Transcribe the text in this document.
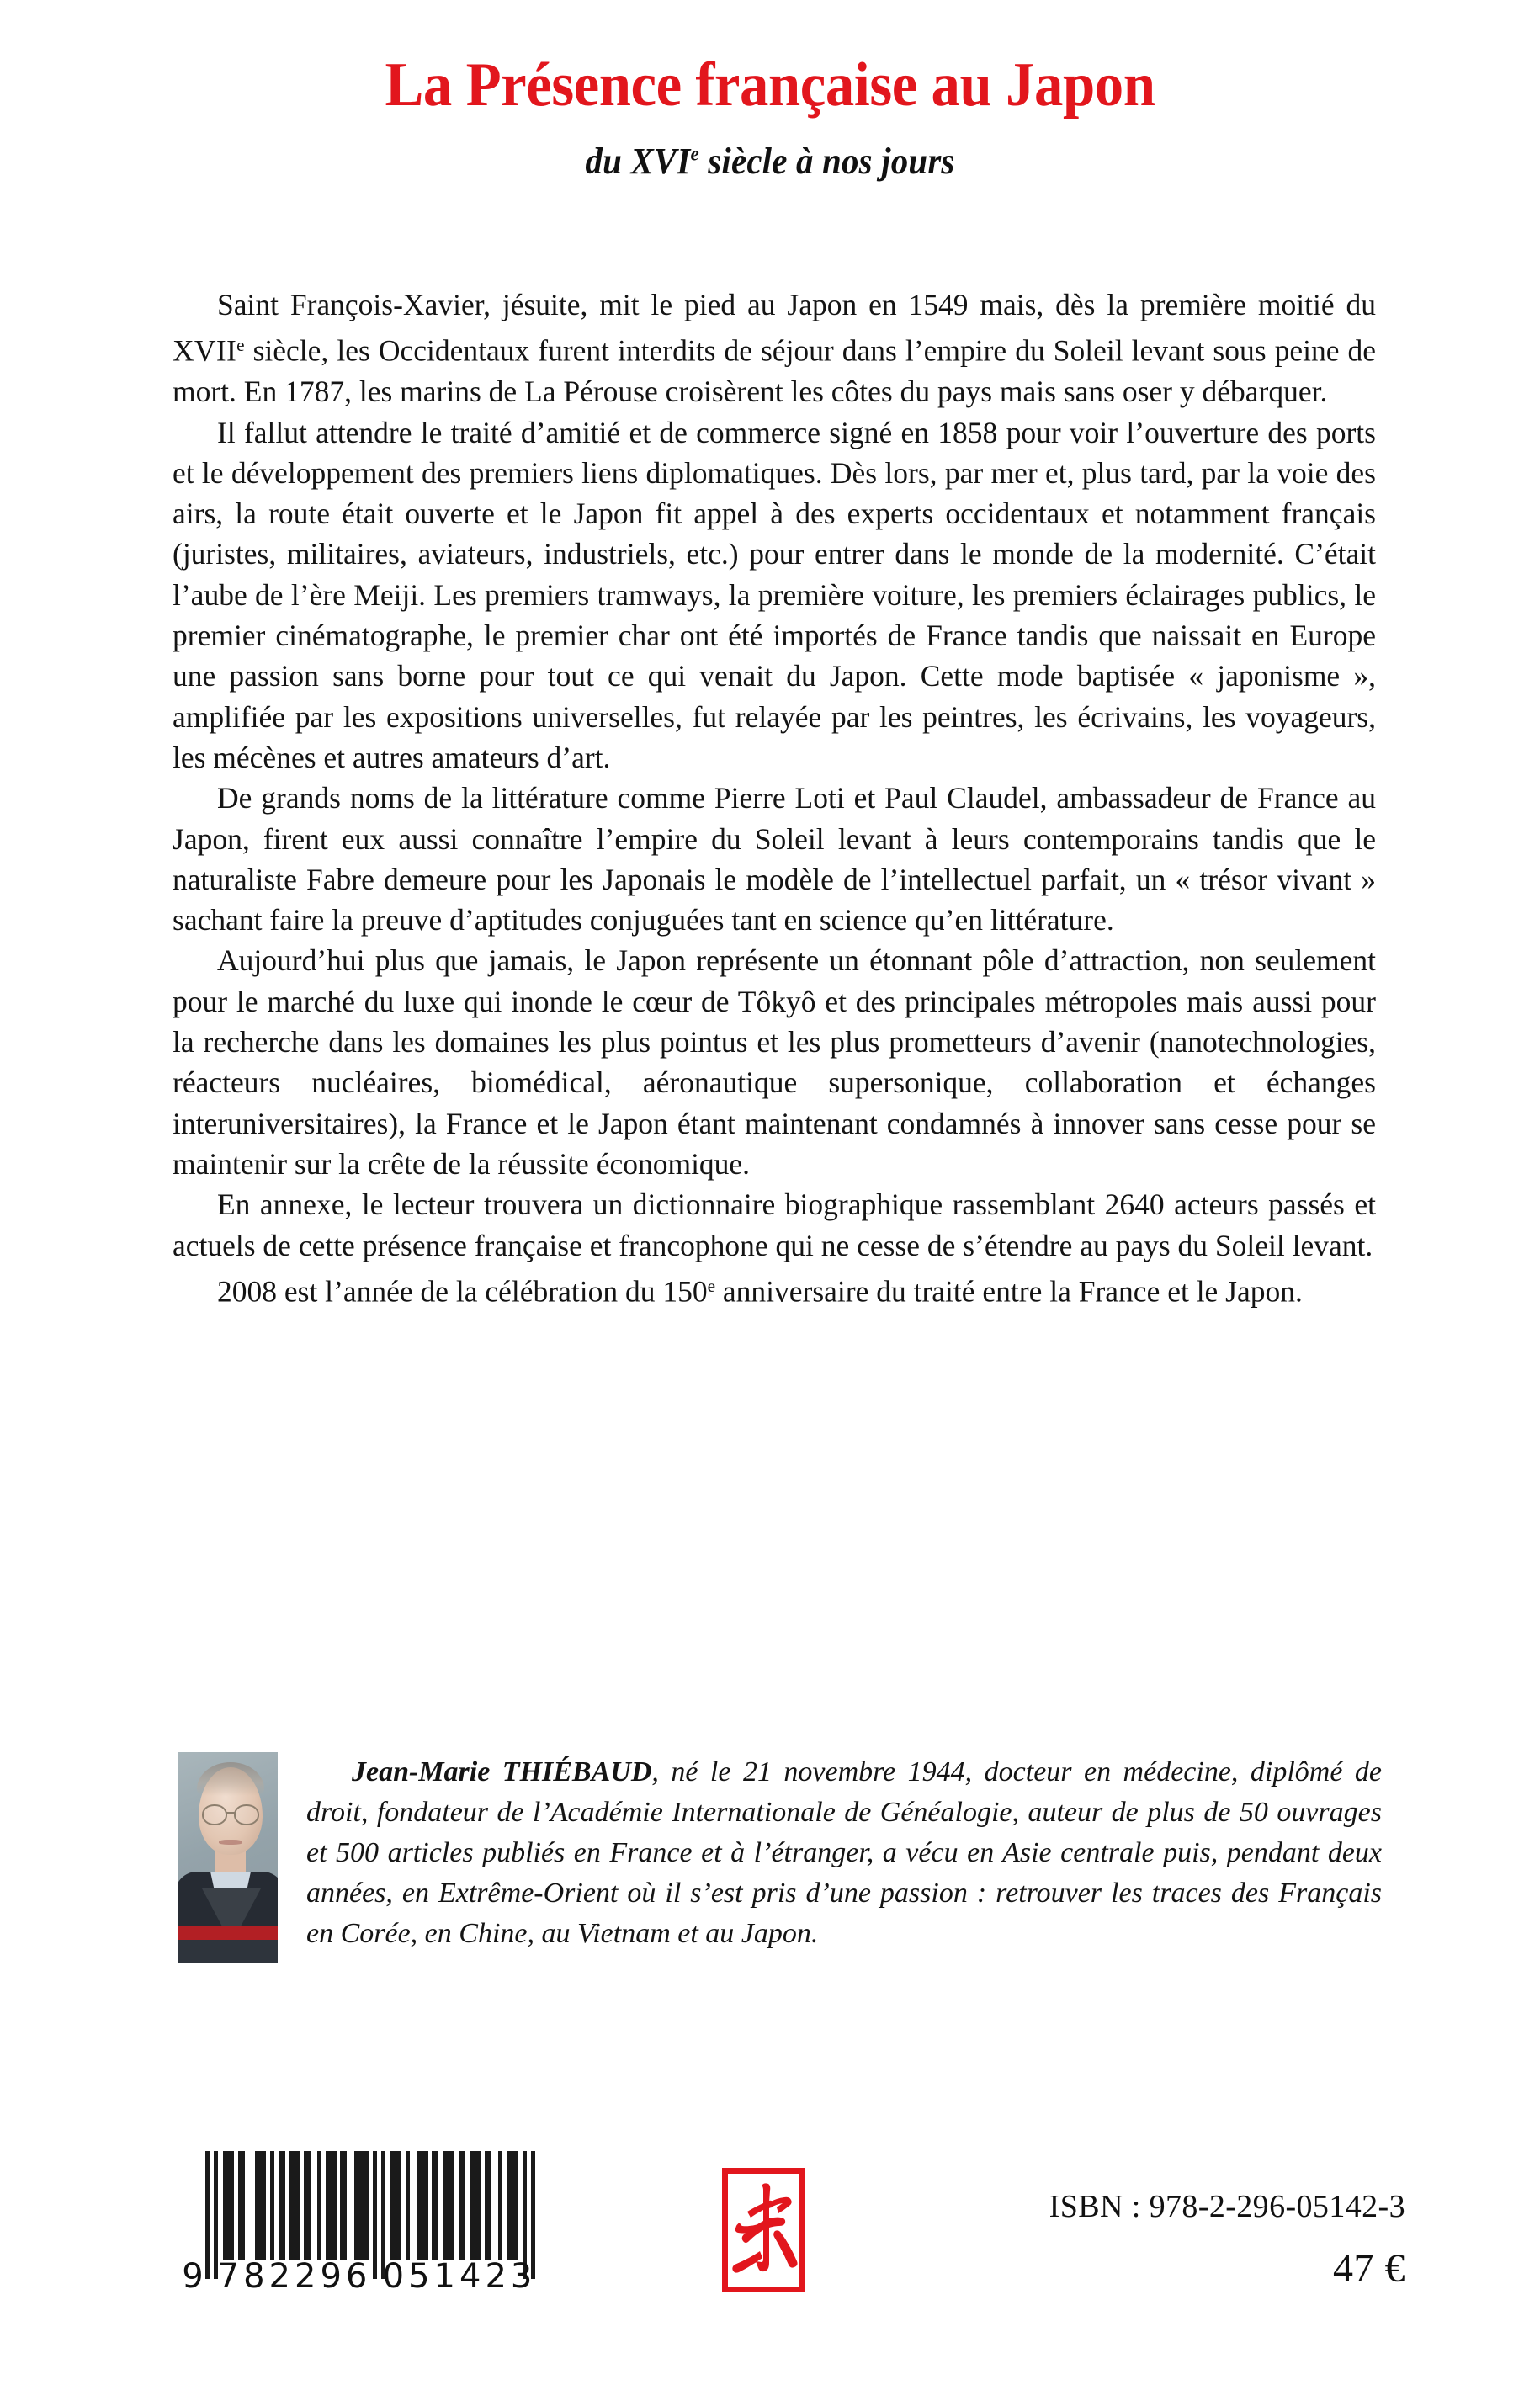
La Présence française au Japon
du XVIe siècle à nos jours

Saint François-Xavier, jésuite, mit le pied au Japon en 1549 mais, dès la première moitié du XVIIe siècle, les Occidentaux furent interdits de séjour dans l’empire du Soleil levant sous peine de mort. En 1787, les marins de La Pérouse croisèrent les côtes du pays mais sans oser y débarquer.

Il fallut attendre le traité d’amitié et de commerce signé en 1858 pour voir l’ouverture des ports et le développement des premiers liens diplomatiques. Dès lors, par mer et, plus tard, par la voie des airs, la route était ouverte et le Japon fit appel à des experts occidentaux et notamment français (juristes, militaires, aviateurs, industriels, etc.) pour entrer dans le monde de la modernité. C’était l’aube de l’ère Meiji. Les premiers tramways, la première voiture, les premiers éclairages publics, le premier cinématographe, le premier char ont été importés de France tandis que naissait en Europe une passion sans borne pour tout ce qui venait du Japon. Cette mode baptisée « japonisme », amplifiée par les expositions universelles, fut relayée par les peintres, les écrivains, les voyageurs, les mécènes et autres amateurs d’art.

De grands noms de la littérature comme Pierre Loti et Paul Claudel, ambassadeur de France au Japon, firent eux aussi connaître l’empire du Soleil levant à leurs contemporains tandis que le naturaliste Fabre demeure pour les Japonais le modèle de l’intellectuel parfait, un « trésor vivant » sachant faire la preuve d’aptitudes conjuguées tant en science qu’en littérature.

Aujourd’hui plus que jamais, le Japon représente un étonnant pôle d’attraction, non seulement pour le marché du luxe qui inonde le cœur de Tôkyô et des principales métropoles mais aussi pour la recherche dans les domaines les plus pointus et les plus prometteurs d’avenir (nanotechnologies, réacteurs nucléaires, biomédical, aéronautique supersonique, collaboration et échanges interuniversitaires), la France et le Japon étant maintenant condamnés à innover sans cesse pour se maintenir sur la crête de la réussite économique.

En annexe, le lecteur trouvera un dictionnaire biographique rassemblant 2640 acteurs passés et actuels de cette présence française et francophone qui ne cesse de s’étendre au pays du Soleil levant.

2008 est l’année de la célébration du 150e anniversaire du traité entre la France et le Japon.

Jean-Marie THIÉBAUD, né le 21 novembre 1944, docteur en médecine, diplômé de droit, fondateur de l’Académie Internationale de Généalogie, auteur de plus de 50 ouvrages et 500 articles publiés en France et à l’étranger, a vécu en Asie centrale puis, pendant deux années, en Extrême-Orient où il s’est pris d’une passion : retrouver les traces des Français en Corée, en Chine, au Vietnam et au Japon.
9 782296 051423
ISBN : 978-2-296-05142-3
47 €
